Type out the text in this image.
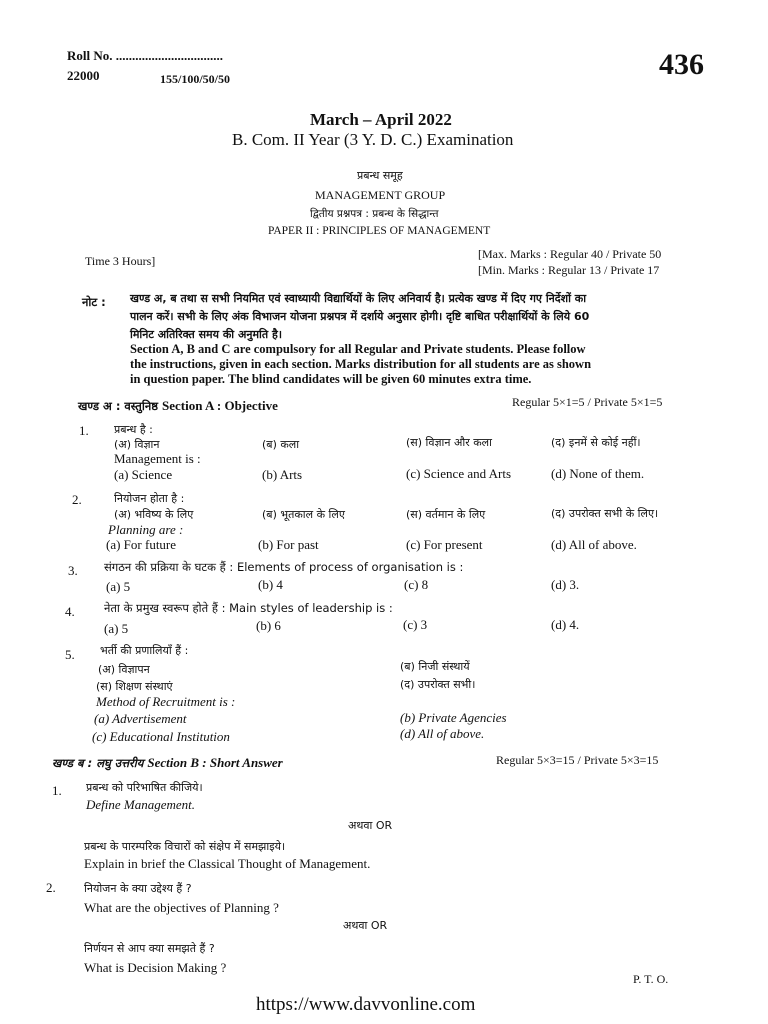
Roll No. .................................
22000	155/100/50/50	436
March – April 2022
B. Com. II Year (3 Y. D. C.) Examination
प्रबन्ध समूह
MANAGEMENT GROUP
द्वितीय प्रश्नपत्र : प्रबन्ध के सिद्धान्त
PAPER II : PRINCIPLES OF MANAGEMENT
Time 3 Hours]	[Max. Marks : Regular 40 / Private 50
[Min. Marks : Regular 13 / Private 17
नोट : खण्ड अ, ब तथा स सभी नियमित एवं स्वाध्यायी विद्यार्थियों के लिए अनिवार्य है। प्रत्येक खण्ड में दिए गए निर्देशों का
पालन करें। सभी के लिए अंक विभाजन योजना प्रश्नपत्र में दर्शाये अनुसार होगी। दृष्टि बाधित परीक्षार्थियों के लिये 60
मिनिट अतिरिक्त समय की अनुमति है।
Section A, B and C are compulsory for all Regular and Private students. Please follow
the instructions, given in each section. Marks distribution for all students are as shown
in question paper. The blind candidates will be given 60 minutes extra time.
खण्ड अ : वस्तुनिष्ठ Section A : Objective	Regular 5×1=5 / Private 5×1=5
1. प्रबन्ध है :
(अ) विज्ञान	(ब) कला	(स) विज्ञान और कला	(द) इनमें से कोई नहीं।
Management is :
(a) Science	(b) Arts	(c) Science and Arts	(d) None of them.
2.	नियोजन होता है :
(अ) भविष्य के लिए	(ब) भूतकाल के लिए	(स) वर्तमान के लिए	(द) उपरोक्त सभी के लिए।
Planning are :
(a) For future	(b) For past	(c) For present	(d) All of above.
3. संगठन की प्रक्रिया के घटक हैं : Elements of process of organisation is :
(a) 5	(b) 4	(c) 8	(d) 3.
4.	नेता के प्रमुख स्वरूप होते हैं : Main styles of leadership is :
(a) 5	(b) 6	(c) 3	(d) 4.
5. भर्ती की प्रणालियाँ हैं :
(अ) विज्ञापन	(ब) निजी संस्थायें
(स) शिक्षण संस्थाएं	(द) उपरोक्त सभी।
Method of Recruitment is :
(a) Advertisement	(b) Private Agencies
(c) Educational Institution	(d) All of above.
खण्ड ब : लघु उत्तरीय Section B : Short Answer	Regular 5×3=15 / Private 5×3=15
1. प्रबन्ध को परिभाषित कीजिये।
Define Management.
अथवा OR
प्रबन्ध के पारम्परिक विचारों को संक्षेप में समझाइये।
Explain in brief the Classical Thought of Management.
2.	नियोजन के क्या उद्देश्य हैं ?
What are the objectives of Planning ?
अथवा OR
निर्णयन से आप क्या समझते हैं ?
What is Decision Making ?
P. T. O.
https://www.davvonline.com
